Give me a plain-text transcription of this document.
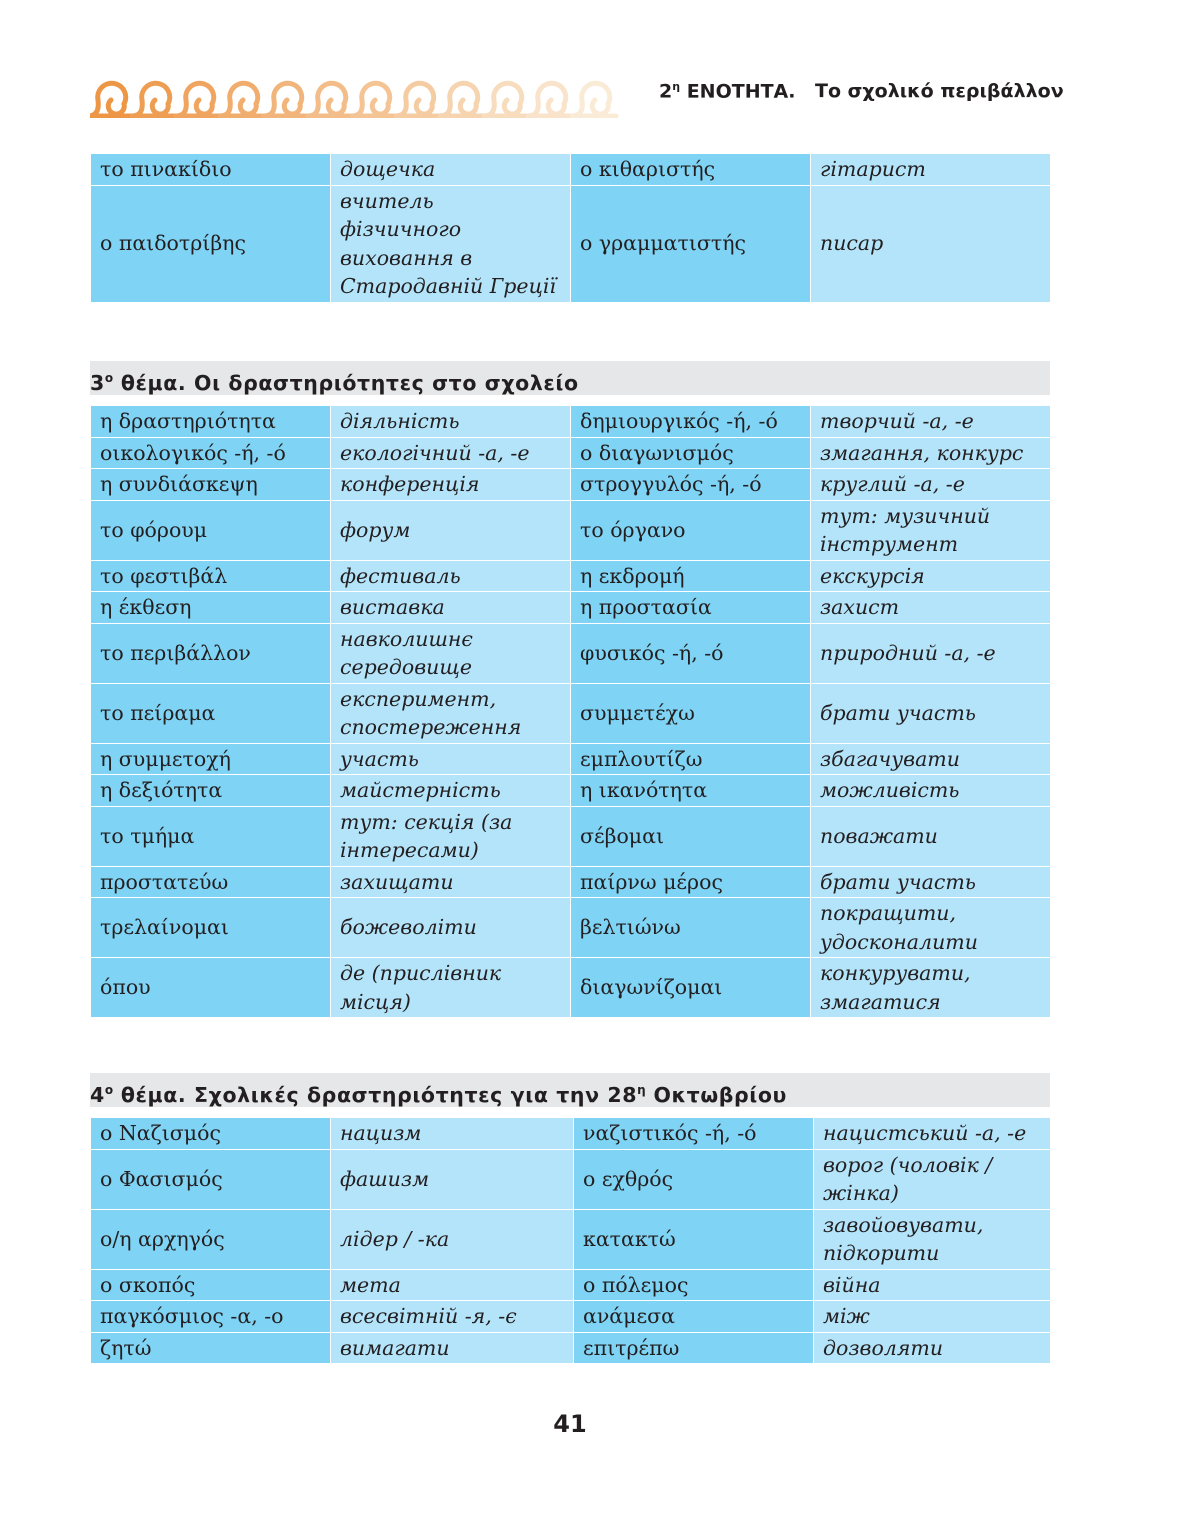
$2^\eta$ ΕΝΟΤΗΤΑ. Το σχολικό περιβάλλον
το πινακίδιο	дощечка	ο κιθαριστής	гітарист
ο παιδοτρίβης	вчитель фізчичного виховання в Стародавній Греції	ο γραμματιστής	писар
$3^o$ θέμα. Οι δραστηριότητες στο σχολείο
η δραστηριότητα	діяльність	δημιουργικός -ή, -ό	творчий -а, -е
οικολογικός -ή, -ό	екологічний -а, -е	ο διαγωνισμός	змагання, конкурс
η συνδιάσκεψη	конференція	στρογγυλός -ή, -ό	круглий -а, -е
το φόρουμ	форум	το όργανο	тут: музичний інструмент
το φεστιβάλ	фестиваль	η εκδρομή	екскурсія
η έκθεση	виставка	η προστασία	захист
το περιβάλλον	навколишнє середовище	φυσικός -ή, -ό	природний -а, -е
το πείραμα	експеримент, спостереження	συμμετέχω	брати участь
η συμμετοχή	участь	εμπλουτίζω	збагачувати
η δεξιότητα	майстерність	η ικανότητα	можливість
το τμήμα	тут: секція (за інтересами)	σέβομαι	поважати
προστατεύω	захищати	παίρνω μέρος	брати участь
τρελαίνομαι	божеволіти	βελτιώνω	покращити, удосконалити
όπου	де (прислівник місця)	διαγωνίζομαι	конкурувати, змагатися
$4^o$ θέμα. Σχολικές δραστηριότητες για την $28^\eta$ Οκτωβρίου
ο Ναζισμός	нацизм	ναζιστικός -ή, -ό	нацистський -а, -е
ο Φασισμός	фашизм	ο εχθρός	ворог (чоловік / жінка)
ο/η αρχηγός	лідер / -ка	κατακτώ	завойовувати, підкорити
ο σκοπός	мета	ο πόλεμος	війна
παγκόσμιος -α, -ο	всесвітній -я, -є	ανάμεσα	між
ζητώ	вимагати	επιτρέπω	дозволяти
41
